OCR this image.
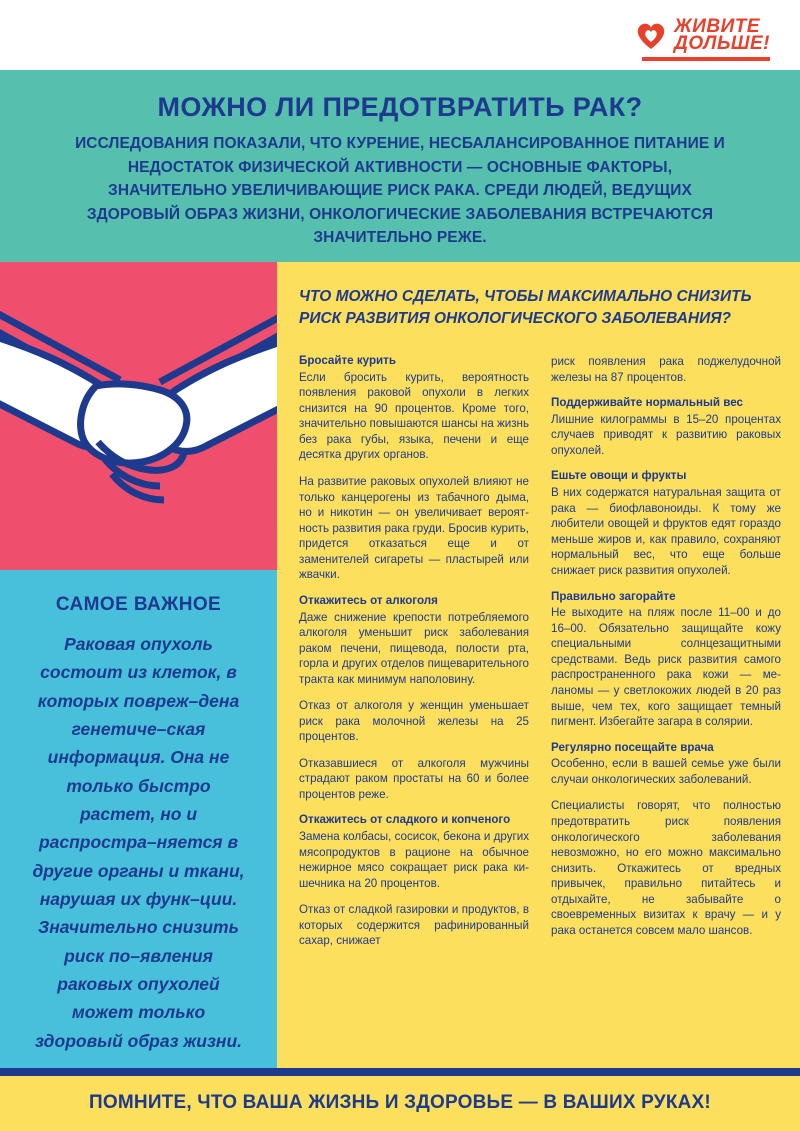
ЖИВИТЕ
ДОЛЬШЕ!
МОЖНО ЛИ ПРЕДОТВРАТИТЬ РАК?
ИССЛЕДОВАНИЯ ПОКАЗАЛИ, ЧТО КУРЕНИЕ, НЕСБАЛАНСИРОВАННОЕ ПИТАНИЕ И НЕДОСТАТОК ФИЗИЧЕСКОЙ АКТИВНОСТИ — ОСНОВНЫЕ ФАКТОРЫ, ЗНАЧИТЕЛЬНО УВЕЛИЧИВАЮЩИЕ РИСК РАКА. СРЕДИ ЛЮДЕЙ, ВЕДУЩИХ ЗДОРОВЫЙ ОБРАЗ ЖИЗНИ, ОНКОЛОГИЧЕСКИЕ ЗАБОЛЕВАНИЯ ВСТРЕЧАЮТСЯ ЗНАЧИТЕЛЬНО РЕЖЕ.
САМОЕ ВАЖНОЕ
Раковая опухоль состоит из клеток, в которых повреж–дена генетиче–ская информация. Она не только быстро растет, но и распростра–няется в другие органы и ткани, нарушая их функ–ции. Значительно снизить риск по–явления раковых опухолей может только здоровый образ жизни.
ЧТО МОЖНО СДЕЛАТЬ, ЧТОБЫ МАКСИМАЛЬНО СНИЗИТЬ РИСК РАЗВИТИЯ ОНКОЛОГИЧЕСКОГО ЗАБОЛЕВАНИЯ?
Бросайте курить

Если бросить курить, вероятность появления раковой опухоли в легких снизится на 90 процентов. Кроме того, значительно повышаются шансы на жизнь без рака губы, языка, печени и еще десятка других органов.

На развитие раковых опухолей влияют не только канцерогены из табачного дыма, но и никотин — он увеличивает вероятность развития рака груди. Бросив курить, придется отказаться еще и от заменителей сигареты — пластырей или жвачки.

Откажитесь от алкоголя

Даже снижение крепости потребляемого алкоголя уменьшит риск заболевания раком печени, пищевода, полости рта, горла и других отделов пищеварительного тракта как минимум наполовину.

Отказ от алкоголя у женщин уменьшает риск рака молочной железы на 25 процентов.

Отказавшиеся от алкоголя мужчины страдают раком простаты на 60 и более процентов реже.

Откажитесь от сладкого и копченого

Замена колбасы, сосисок, бекона и других мясопродуктов в рационе на обычное нежирное мясо сокращает риск рака кишечника на 20 процентов.

Отказ от сладкой газировки и продуктов, в которых содержится рафинированный сахар, снижает

риск появления рака поджелудочной железы на 87 процентов.

Поддерживайте нормальный вес

Лишние килограммы в 15–20 процентах случаев приводят к развитию раковых опухолей.

Ешьте овощи и фрукты

В них содержатся натуральная защита от рака — биофлавоноиды. К тому же любители овощей и фруктов едят гораздо меньше жиров и, как правило, сохраняют нормальный вес, что еще больше снижает риск развития опухолей.

Правильно загорайте

Не выходите на пляж после 11–00 и до 16–00. Обязательно защищайте кожу специальными солнцезащитными средствами. Ведь риск развития самого распространенного рака кожи — меланомы — у светлокожих людей в 20 раз выше, чем тех, кого защищает темный пигмент. Избегайте загара в солярии.

Регулярно посещайте врача

Особенно, если в вашей семье уже были случаи онкологических заболеваний.

Специалисты говорят, что полностью предотвратить риск появления онкологического заболевания невозможно, но его можно максимально снизить. Откажитесь от вредных привычек, правильно питайтесь и отдыхайте, не забывайте о своевременных визитах к врачу — и у рака останется совсем мало шансов.

ПОМНИТЕ, ЧТО ВАША ЖИЗНЬ И ЗДОРОВЬЕ — В ВАШИХ РУКАХ!
